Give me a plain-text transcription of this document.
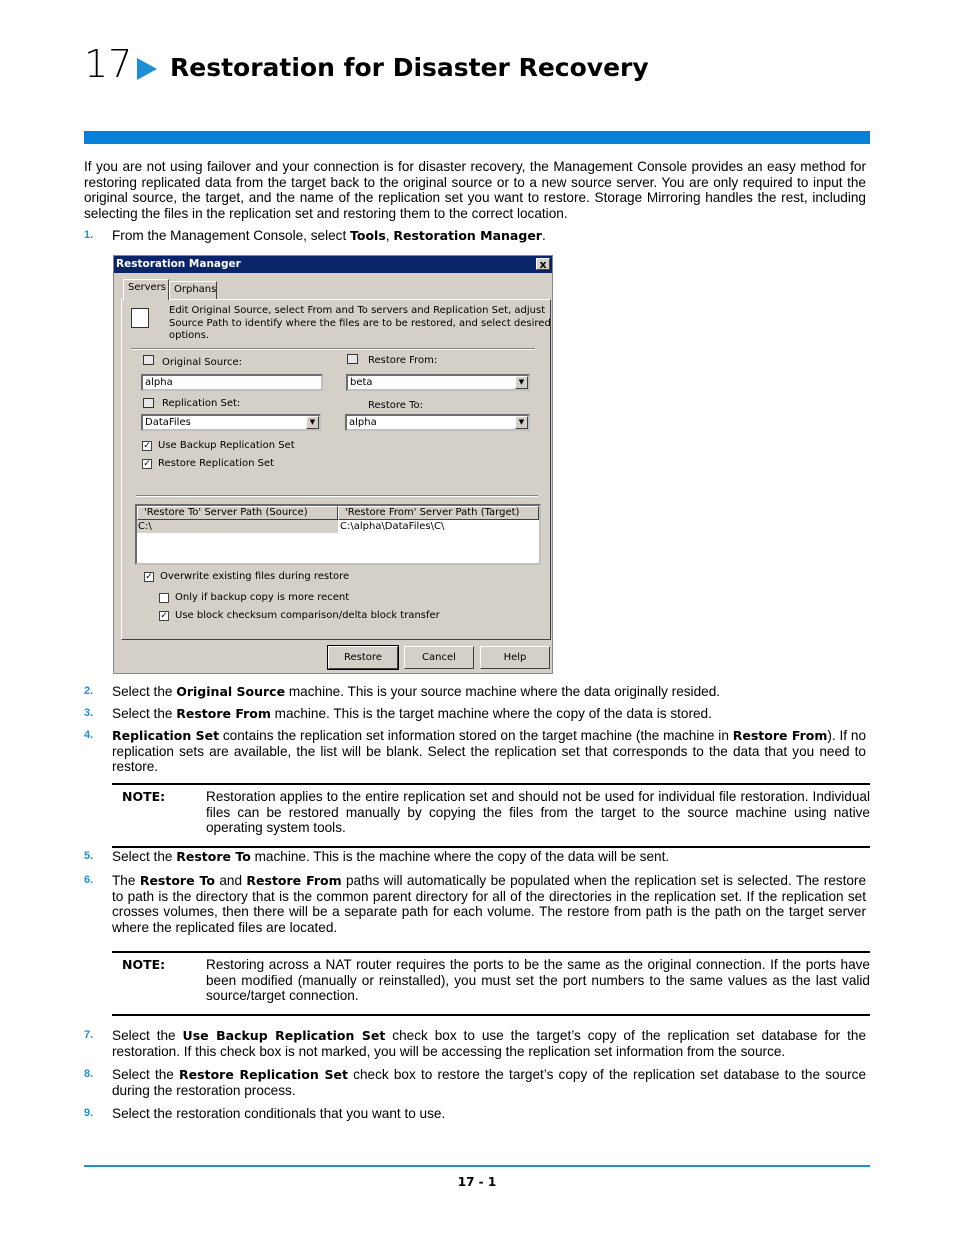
17 Restoration for Disaster Recovery
If you are not using failover and your connection is for disaster recovery, the Management Console provides an easy method for restoring replicated data from the target back to the original source or to a new source server. You are only required to input the original source, the target, and the name of the replication set you want to restore. Storage Mirroring handles the rest, including selecting the files in the replication set and restoring them to the correct location.
1. From the Management Console, select Tools, Restoration Manager.
Restoration Manager	x
Servers Orphans
Edit Original Source, select From and To servers and Replication Set, adjust
Source Path to identify where the files are to be restored, and select desired
options.
Original Source:
alpha
Restore From:
beta	▼
Replication Set:
DataFiles	▼
Restore To:
alpha	▼
✓ Use Backup Replication Set
✓ Restore Replication Set
'Restore To' Server Path (Source)	'Restore From' Server Path (Target)
C:\	C:\alpha\DataFiles\C\
✓ Overwrite existing files during restore
Only if backup copy is more recent
✓ Use block checksum comparison/delta block transfer
Restore	Cancel	Help
2. Select the Original Source machine. This is your source machine where the data originally resided.
3. Select the Restore From machine. This is the target machine where the copy of the data is stored.
4. Replication Set contains the replication set information stored on the target machine (the machine in Restore From). If no replication sets are available, the list will be blank. Select the replication set that corresponds to the data that you need to restore.
NOTE:	Restoration applies to the entire replication set and should not be used for individual file restoration. Individual files can be restored manually by copying the files from the target to the source machine using native operating system tools.
5. Select the Restore To machine. This is the machine where the copy of the data will be sent.
6. The Restore To and Restore From paths will automatically be populated when the replication set is selected. The restore to path is the directory that is the common parent directory for all of the directories in the replication set. If the replication set crosses volumes, then there will be a separate path for each volume. The restore from path is the path on the target server where the replicated files are located.
NOTE:	Restoring across a NAT router requires the ports to be the same as the original connection. If the ports have been modified (manually or reinstalled), you must set the port numbers to the same values as the last valid source/target connection.
7. Select the Use Backup Replication Set check box to use the target’s copy of the replication set database for the restoration. If this check box is not marked, you will be accessing the replication set information from the source.
8. Select the Restore Replication Set check box to restore the target’s copy of the replication set database to the source during the restoration process.
9. Select the restoration conditionals that you want to use.
17 - 1
